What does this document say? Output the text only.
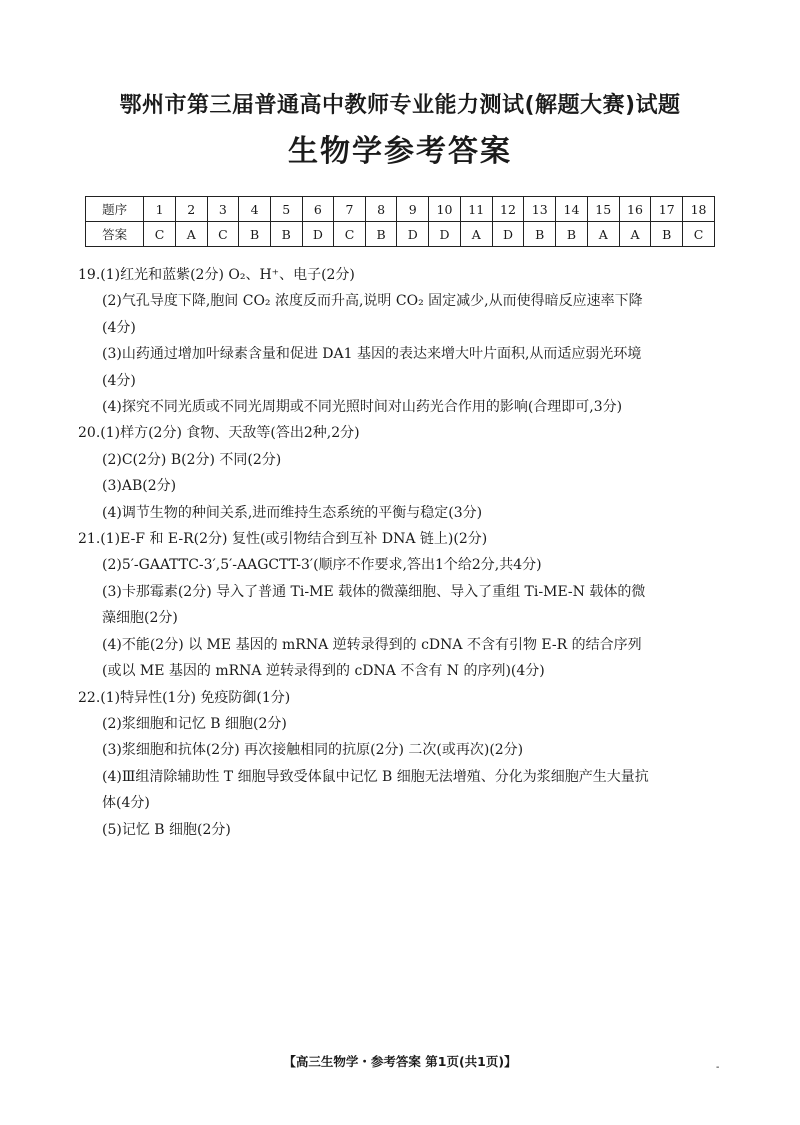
鄂州市第三届普通高中教师专业能力测试(解题大赛)试题
生物学参考答案
题序	1	2	3	4	5	6	7	8	9	10	11	12	13	14	15	16	17	18
答案	C	A	C	B	B	D	C	B	D	D	A	D	B	B	A	A	B	C

19.(1)红光和蓝紫(2分) O₂、H⁺、电子(2分)

(2)气孔导度下降,胞间 CO₂ 浓度反而升高,说明 CO₂ 固定减少,从而使得暗反应速率下降

(4分)

(3)山药通过增加叶绿素含量和促进 DA1 基因的表达来增大叶片面积,从而适应弱光环境

(4分)

(4)探究不同光质或不同光周期或不同光照时间对山药光合作用的影响(合理即可,3分)

20.(1)样方(2分) 食物、天敌等(答出2种,2分)

(2)C(2分) B(2分) 不同(2分)

(3)AB(2分)

(4)调节生物的种间关系,进而维持生态系统的平衡与稳定(3分)

21.(1)E-F 和 E-R(2分) 复性(或引物结合到互补 DNA 链上)(2分)

(2)5′-GAATTC-3′,5′-AAGCTT-3′(顺序不作要求,答出1个给2分,共4分)

(3)卡那霉素(2分) 导入了普通 Ti-ME 载体的微藻细胞、导入了重组 Ti-ME-N 载体的微

藻细胞(2分)

(4)不能(2分) 以 ME 基因的 mRNA 逆转录得到的 cDNA 不含有引物 E-R 的结合序列

(或以 ME 基因的 mRNA 逆转录得到的 cDNA 不含有 N 的序列)(4分)

22.(1)特异性(1分) 免疫防御(1分)

(2)浆细胞和记忆 B 细胞(2分)

(3)浆细胞和抗体(2分) 再次接触相同的抗原(2分) 二次(或再次)(2分)

(4)Ⅲ组清除辅助性 T 细胞导致受体鼠中记忆 B 细胞无法增殖、分化为浆细胞产生大量抗

体(4分)

(5)记忆 B 细胞(2分)

【高三生物学・参考答案 第1页(共1页)】	-
